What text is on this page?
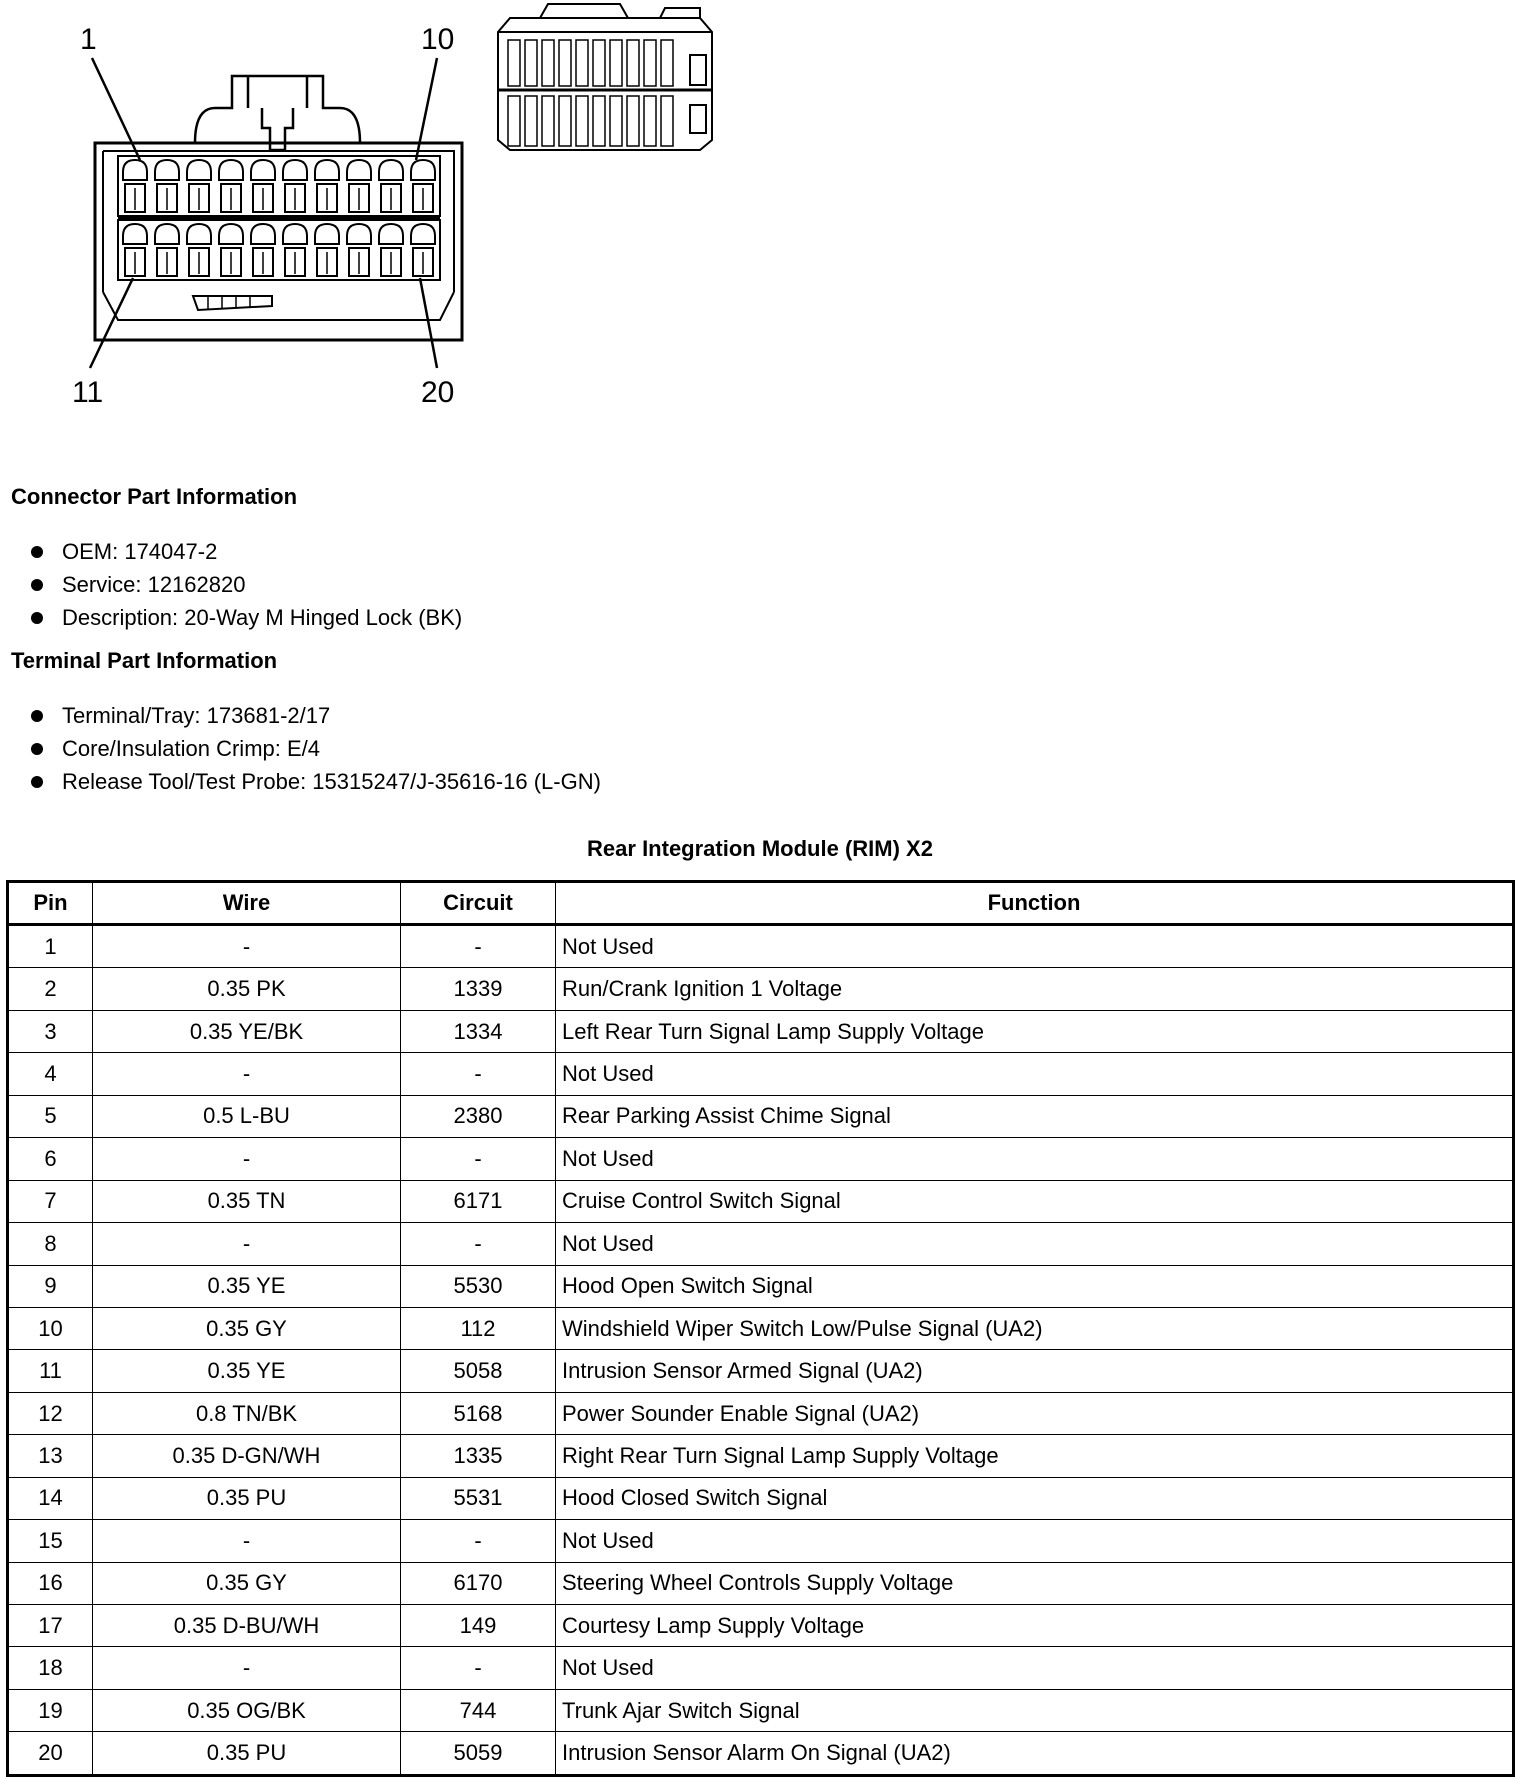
1	10
11	20
Connector Part Information
OEM: 174047-2
Service: 12162820
Description: 20-Way M Hinged Lock (BK)
Terminal Part Information
Terminal/Tray: 173681-2/17
Core/Insulation Crimp: E/4
Release Tool/Test Probe: 15315247/J-35616-16 (L-GN)
Rear Integration Module (RIM) X2
Pin	Wire	Circuit	Function
1	-	-	Not Used
2	0.35 PK	1339	Run/Crank Ignition 1 Voltage
3	0.35 YE/BK	1334	Left Rear Turn Signal Lamp Supply Voltage
4	-	-	Not Used
5	0.5 L-BU	2380	Rear Parking Assist Chime Signal
6	-	-	Not Used
7	0.35 TN	6171	Cruise Control Switch Signal
8	-	-	Not Used
9	0.35 YE	5530	Hood Open Switch Signal
10	0.35 GY	112	Windshield Wiper Switch Low/Pulse Signal (UA2)
11	0.35 YE	5058	Intrusion Sensor Armed Signal (UA2)
12	0.8 TN/BK	5168	Power Sounder Enable Signal (UA2)
13	0.35 D-GN/WH	1335	Right Rear Turn Signal Lamp Supply Voltage
14	0.35 PU	5531	Hood Closed Switch Signal
15	-	-	Not Used
16	0.35 GY	6170	Steering Wheel Controls Supply Voltage
17	0.35 D-BU/WH	149	Courtesy Lamp Supply Voltage
18	-	-	Not Used
19	0.35 OG/BK	744	Trunk Ajar Switch Signal
20	0.35 PU	5059	Intrusion Sensor Alarm On Signal (UA2)
